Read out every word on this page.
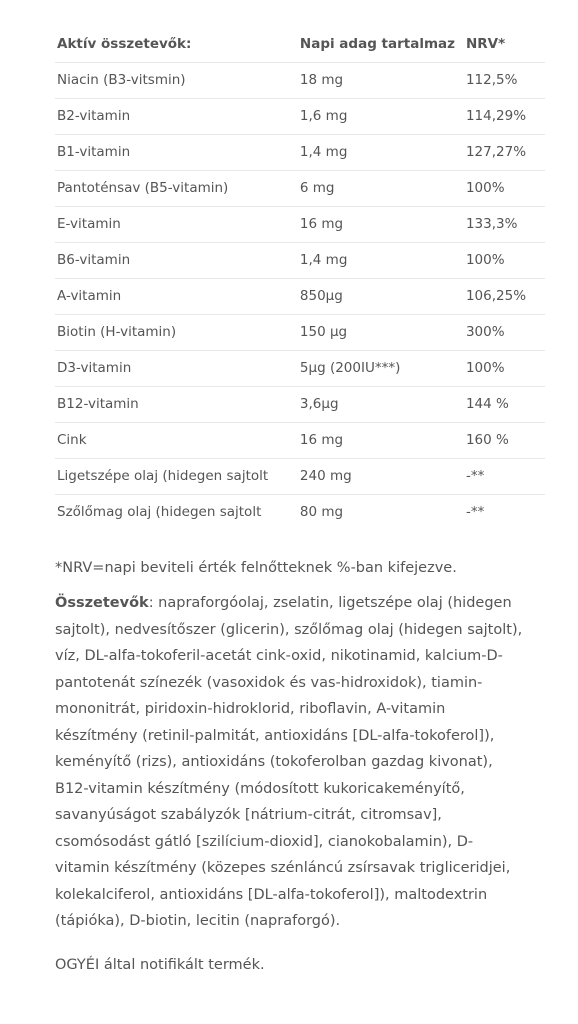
Aktív összetevők:	Napi adag tartalmaz	NRV*
Niacin (B3-vitsmin)	18 mg	112,5%
B2-vitamin	1,6 mg	114,29%
B1-vitamin	1,4 mg	127,27%
Pantoténsav (B5-vitamin)	6 mg	100%
E-vitamin	16 mg	133,3%
B6-vitamin	1,4 mg	100%
A-vitamin	850µg	106,25%
Biotin (H-vitamin)	150 µg	300%
D3-vitamin	5µg (200IU***)	100%
B12-vitamin	3,6µg	144 %
Cink	16 mg	160 %
Ligetszépe olaj (hidegen sajtolt	240 mg	-**
Szőlőmag olaj (hidegen sajtolt	80 mg	-**

*NRV=napi beviteli érték felnőtteknek %-ban kifejezve.

Összetevők: napraforgóolaj, zselatin, ligetszépe olaj (hidegen sajtolt), nedvesítőszer (glicerin), szőlőmag olaj (hidegen sajtolt), víz, DL-alfa-tokoferil-acetát cink-oxid, nikotinamid, kalcium-D-pantotenát színezék (vasoxidok és vas-hidroxidok), tiamin-mononitrát, piridoxin-hidroklorid, riboflavin, A-vitamin készítmény (retinil-palmitát, antioxidáns [DL-alfa-tokoferol]), keményítő (rizs), antioxidáns (tokoferolban gazdag kivonat), B12-vitamin készítmény (módosított kukoricakeményítő, savanyúságot szabályzók [nátrium-citrát, citromsav], csomósodást gátló [szilícium-dioxid], cianokobalamin), D-vitamin készítmény (közepes szénláncú zsírsavak trigliceridjei, kolekalciferol, antioxidáns [DL-alfa-tokoferol]), maltodextrin (tápióka), D-biotin, lecitin (napraforgó).

OGYÉI által notifikált termék.
